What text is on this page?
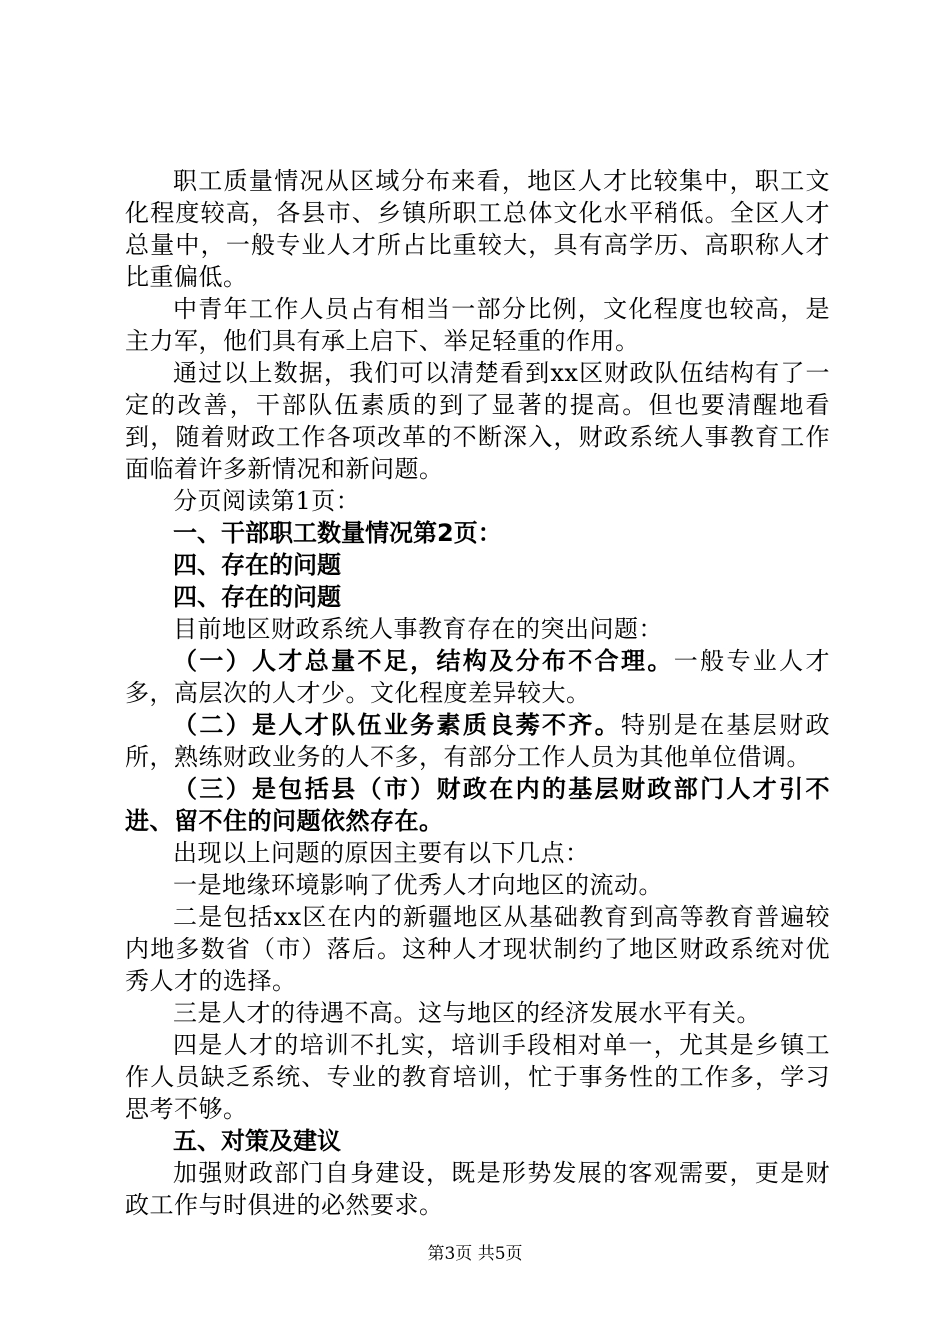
职工质量情况从区域分布来看，地区人才比较集中，职工文化程度较高，各县市、乡镇所职工总体文化水平稍低。全区人才总量中，一般专业人才所占比重较大，具有高学历、高职称人才比重偏低。

中青年工作人员占有相当一部分比例，文化程度也较高，是主力军，他们具有承上启下、举足轻重的作用。

通过以上数据，我们可以清楚看到xx区财政队伍结构有了一定的改善，干部队伍素质的到了显著的提高。但也要清醒地看到，随着财政工作各项改革的不断深入，财政系统人事教育工作面临着许多新情况和新问题。

分页阅读第1页：

一、干部职工数量情况第2页：

四、存在的问题

四、存在的问题

目前地区财政系统人事教育存在的突出问题：

（一）人才总量不足，结构及分布不合理。一般专业人才多，高层次的人才少。文化程度差异较大。

（二）是人才队伍业务素质良莠不齐。特别是在基层财政所，熟练财政业务的人不多，有部分工作人员为其他单位借调。

（三）是包括县（市）财政在内的基层财政部门人才引不进、留不住的问题依然存在。

出现以上问题的原因主要有以下几点：

一是地缘环境影响了优秀人才向地区的流动。

二是包括xx区在内的新疆地区从基础教育到高等教育普遍较内地多数省（市）落后。这种人才现状制约了地区财政系统对优秀人才的选择。

三是人才的待遇不高。这与地区的经济发展水平有关。

四是人才的培训不扎实，培训手段相对单一，尤其是乡镇工作人员缺乏系统、专业的教育培训，忙于事务性的工作多，学习思考不够。

五、对策及建议

加强财政部门自身建设，既是形势发展的客观需要，更是财政工作与时俱进的必然要求。

第3页 共5页
